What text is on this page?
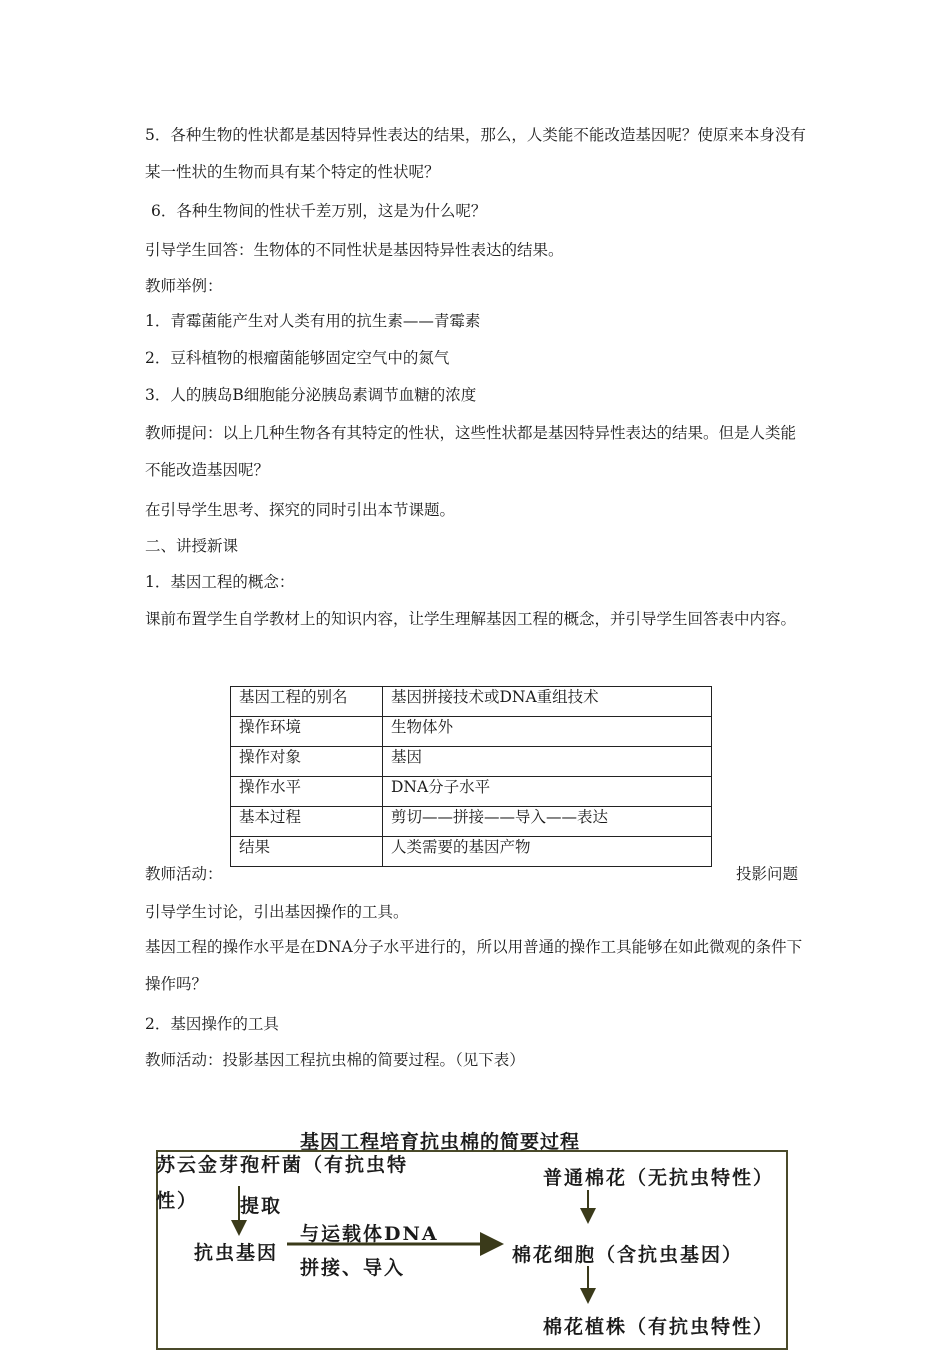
5．各种生物的性状都是基因特异性表达的结果，那么，人类能不能改造基因呢？使原来本身没有某一性状的生物而具有某个特定的性状呢？

6．各种生物间的性状千差万别，这是为什么呢？

引导学生回答：生物体的不同性状是基因特异性表达的结果。

教师举例：

1．青霉菌能产生对人类有用的抗生素——青霉素

2．豆科植物的根瘤菌能够固定空气中的氮气

3．人的胰岛B细胞能分泌胰岛素调节血糖的浓度

教师提问：以上几种生物各有其特定的性状，这些性状都是基因特异性表达的结果。但是人类能不能改造基因呢？

在引导学生思考、探究的同时引出本节课题。

二、讲授新课

1．基因工程的概念：

课前布置学生自学教材上的知识内容，让学生理解基因工程的概念，并引导学生回答表中内容。

基因工程的别名	基因拼接技术或DNA重组技术
操作环境	生物体外
操作对象	基因
操作水平	DNA分子水平
基本过程	剪切——拼接——导入——表达
结果	人类需要的基因产物
教师活动：	投影问题

引导学生讨论，引出基因操作的工具。

基因工程的操作水平是在DNA分子水平进行的，所以用普通的操作工具能够在如此微观的条件下操作吗？

2．基因操作的工具

教师活动：投影基因工程抗虫棉的简要过程。（见下表）

基因工程培育抗虫棉的简要过程
苏云金芽孢杆菌（有抗虫特
性） 提取
抗虫基因
与运载体DNA
拼接、导入
普通棉花（无抗虫特性）
棉花细胞（含抗虫基因）
棉花植株（有抗虫特性）
